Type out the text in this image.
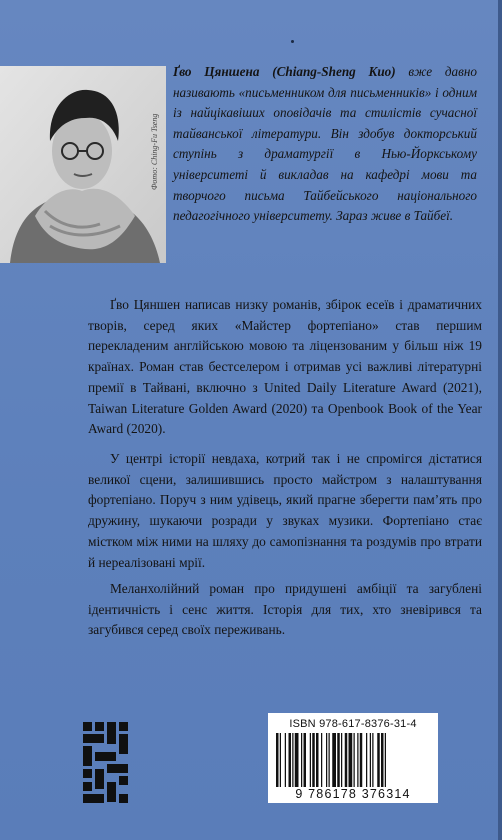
Фото: Ching-Fu Tseng

Ґво Цяншена (Chiang-Sheng Kuo) вже давно називають «письменником для письменників» і одним із найцікавіших оповідачів та стилістів сучасної тайванської літератури. Він здобув докторський ступінь з драматургії в Нью-Йоркському університеті й викладав на кафедрі мови та творчого письма Тайбейського національного педагогічного університету. Зараз живе в Тайбеї.

Ґво Цяншен написав низку романів, збірок есеїв і драматичних творів, серед яких «Майстер фортепіано» став першим перекладеним англійською мовою та ліцензованим у більш ніж 19 країнах. Роман став бестселером і отримав усі важливі літературні премії в Тайвані, включно з United Daily Literature Award (2021), Taiwan Literature Golden Award (2020) та Openbook Book of the Year Award (2020).

У центрі історії невдаха, котрий так і не спромігся дістатися великої сцени, залишившись просто майстром з налаштування фортепіано. Поруч з ним удівець, який прагне зберегти пам’ять про дружину, шукаючи розради у звуках музики. Фортепіано стає містком між ними на шляху до самопізнання та роздумів про втрати й нереалізовані мрії.

Меланхолійний роман про придушені амбіції та загублені ідентичність і сенс життя. Історія для тих, хто зневірився та загубився серед своїх переживань.

ISBN 978-617-8376-31-4
9 786178 376314
